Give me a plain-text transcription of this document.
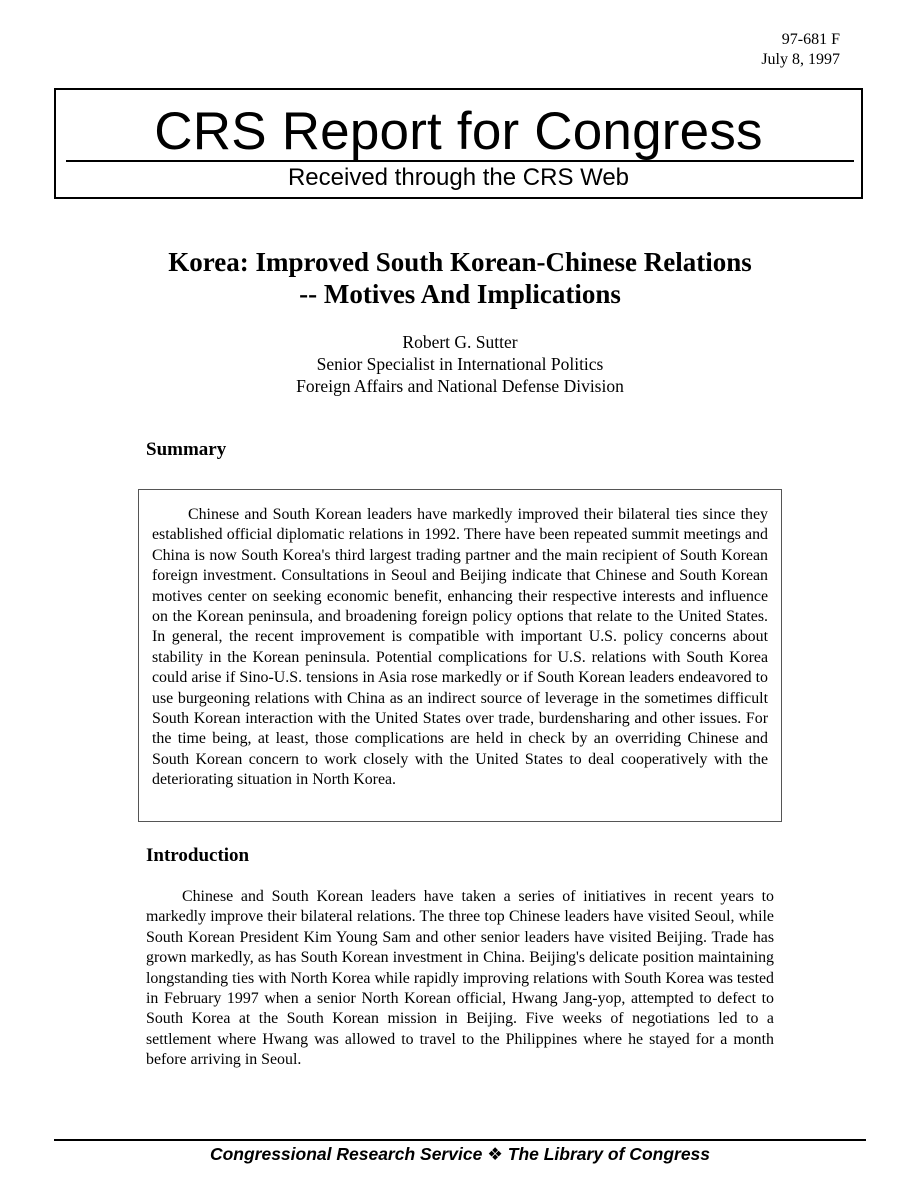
97-681 F
July 8, 1997
CRS Report for Congress
Received through the CRS Web
Korea: Improved South Korean-Chinese Relations
-- Motives And Implications
Robert G. Sutter
Senior Specialist in International Politics
Foreign Affairs and National Defense Division
Summary

Chinese and South Korean leaders have markedly improved their bilateral ties since they established official diplomatic relations in 1992. There have been repeated summit meetings and China is now South Korea's third largest trading partner and the main recipient of South Korean foreign investment. Consultations in Seoul and Beijing indicate that Chinese and South Korean motives center on seeking economic benefit, enhancing their respective interests and influence on the Korean peninsula, and broadening foreign policy options that relate to the United States. In general, the recent improvement is compatible with important U.S. policy concerns about stability in the Korean peninsula. Potential complications for U.S. relations with South Korea could arise if Sino-U.S. tensions in Asia rose markedly or if South Korean leaders endeavored to use burgeoning relations with China as an indirect source of leverage in the sometimes difficult South Korean interaction with the United States over trade, burdensharing and other issues. For the time being, at least, those complications are held in check by an overriding Chinese and South Korean concern to work closely with the United States to deal cooperatively with the deteriorating situation in North Korea.

Introduction

Chinese and South Korean leaders have taken a series of initiatives in recent years to markedly improve their bilateral relations. The three top Chinese leaders have visited Seoul, while South Korean President Kim Young Sam and other senior leaders have visited Beijing. Trade has grown markedly, as has South Korean investment in China. Beijing's delicate position maintaining longstanding ties with North Korea while rapidly improving relations with South Korea was tested in February 1997 when a senior North Korean official, Hwang Jang-yop, attempted to defect to South Korea at the South Korean mission in Beijing. Five weeks of negotiations led to a settlement where Hwang was allowed to travel to the Philippines where he stayed for a month before arriving in Seoul.

Congressional Research Service ❖ The Library of Congress
